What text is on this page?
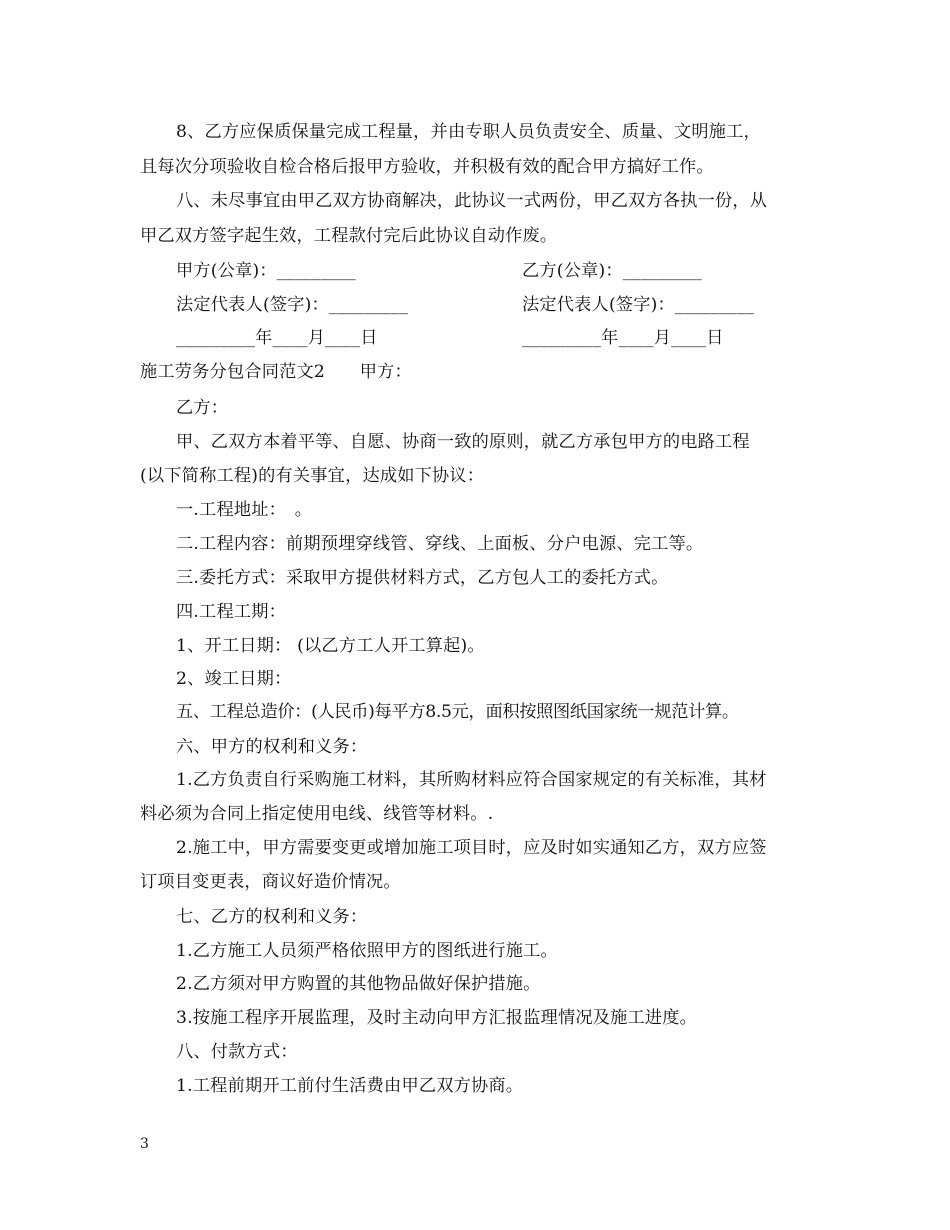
8、乙方应保质保量完成工程量，并由专职人员负责安全、质量、文明施工，
且每次分项验收自检合格后报甲方验收，并积极有效的配合甲方搞好工作。
八、未尽事宜由甲乙双方协商解决，此协议一式两份，甲乙双方各执一份，从
甲乙双方签字起生效，工程款付完后此协议自动作废。
甲方(公章)：_________	乙方(公章)：_________
法定代表人(签字)：_________	法定代表人(签字)：_________
_________年____月____日	_________年____月____日
施工劳务分包合同范文2　　甲方：
乙方：
甲、乙双方本着平等、自愿、协商一致的原则，就乙方承包甲方的电路工程
(以下简称工程)的有关事宜，达成如下协议：
一.工程地址：　。
二.工程内容：前期预埋穿线管、穿线、上面板、分户电源、完工等。
三.委托方式：采取甲方提供材料方式，乙方包人工的委托方式。
四.工程工期：
1、开工日期： (以乙方工人开工算起)。
2、竣工日期：
五、工程总造价：(人民币)每平方8.5元，面积按照图纸国家统一规范计算。
六、甲方的权利和义务：
1.乙方负责自行采购施工材料，其所购材料应符合国家规定的有关标准，其材
料必须为合同上指定使用电线、线管等材料。.
2.施工中，甲方需要变更或增加施工项目时，应及时如实通知乙方，双方应签
订项目变更表，商议好造价情况。
七、乙方的权利和义务：
1.乙方施工人员须严格依照甲方的图纸进行施工。
2.乙方须对甲方购置的其他物品做好保护措施。
3.按施工程序开展监理，及时主动向甲方汇报监理情况及施工进度。
八、付款方式：
1.工程前期开工前付生活费由甲乙双方协商。
3
